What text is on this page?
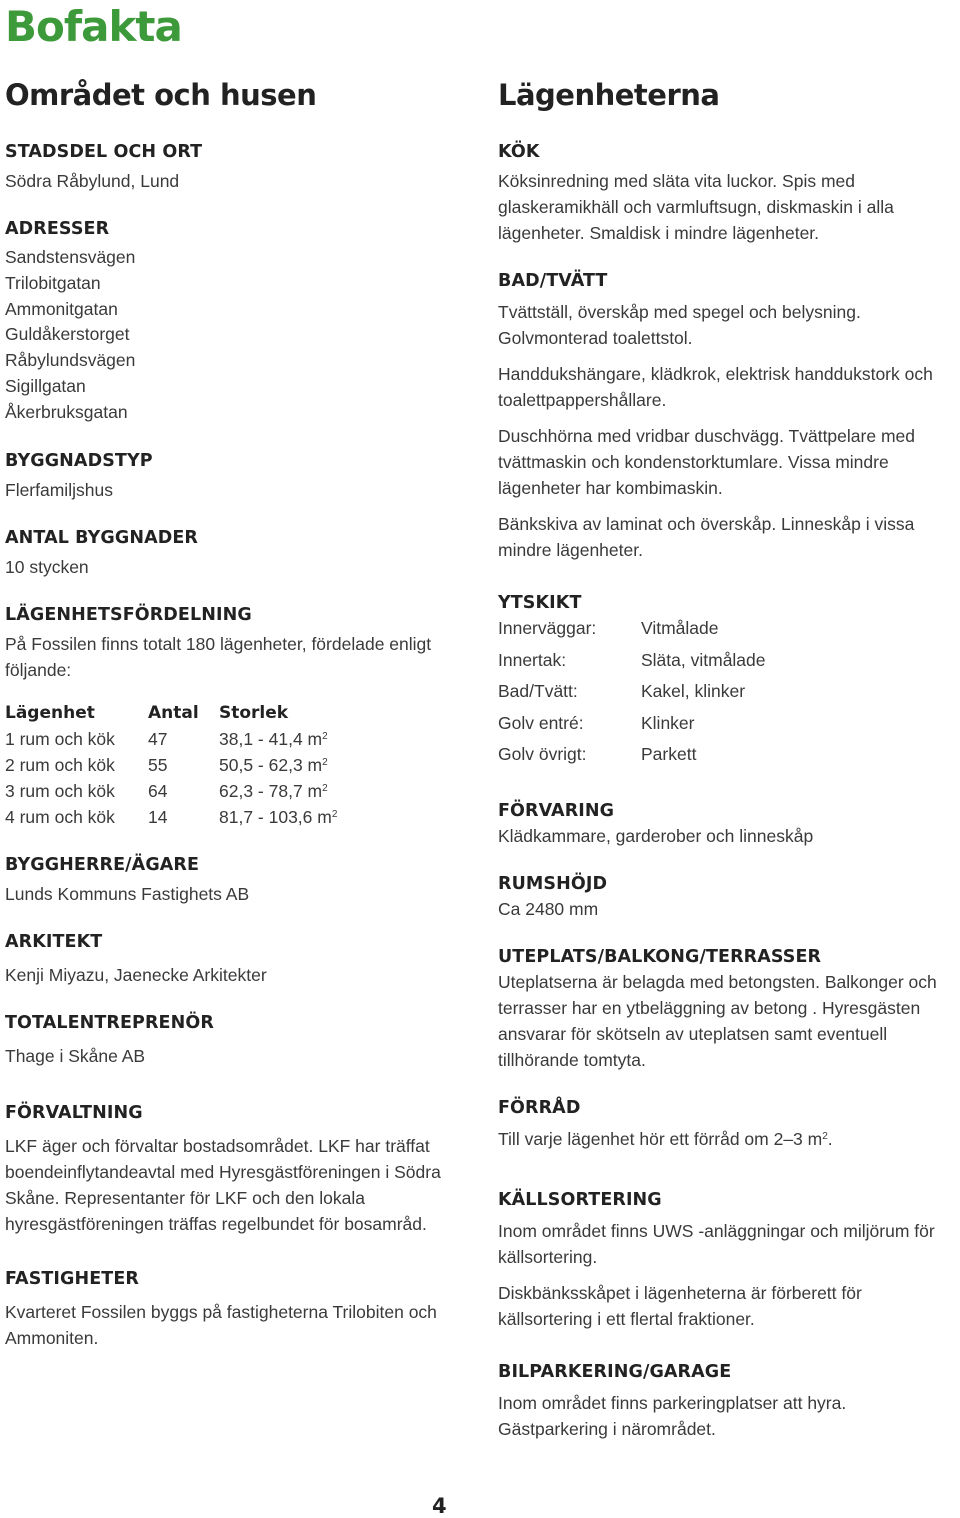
Bofakta
Området och husen
STADSDEL OCH ORT

Södra Råbylund, Lund

ADRESSER
Sandstensvägen
Trilobitgatan
Ammonitgatan
Guldåkerstorget
Råbylundsvägen
Sigillgatan
Åkerbruksgatan
BYGGNADSTYP

Flerfamiljshus

ANTAL BYGGNADER

10 stycken

LÄGENHETSFÖRDELNING

På Fossilen finns totalt 180 lägenheter, fördelade enligt följande:

Lägenhet	Antal	Storlek
1 rum och kök	47	38,1 - 41,4 $m^2$
2 rum och kök	55	50,5 - 62,3 $m^2$
3 rum och kök	64	62,3 - 78,7 $m^2$
4 rum och kök	14	81,7 - 103,6 $m^2$
BYGGHERRE/ÄGARE

Lunds Kommuns Fastighets AB

ARKITEKT

Kenji Miyazu, Jaenecke Arkitekter

TOTALENTREPRENÖR

Thage i Skåne AB

FÖRVALTNING

LKF äger och förvaltar bostadsområdet. LKF har träffat boendeinflytandeavtal med Hyresgästföreningen i Södra Skåne. Representanter för LKF och den lokala hyresgästföreningen träffas regelbundet för bosamråd.

FASTIGHETER

Kvarteret Fossilen byggs på fastigheterna Trilobiten och Ammoniten.

Lägenheterna
KÖK

Köksinredning med släta vita luckor. Spis med glaskeramikhäll och varmluftsugn, diskmaskin i alla lägenheter. Smaldisk i mindre lägenheter.

BAD/TVÄTT

Tvättställ, överskåp med spegel och belysning. Golvmonterad toalettstol.

Handdukshängare, klädkrok, elektrisk handdukstork och toalettpappershållare.

Duschhörna med vridbar duschvägg. Tvättpelare med tvättmaskin och kondenstorktumlare. Vissa mindre lägenheter har kombimaskin.

Bänkskiva av laminat och överskåp. Linneskåp i vissa mindre lägenheter.

YTSKIKT
Innerväggar:	Vitmålade
Innertak:	Släta, vitmålade
Bad/Tvätt:	Kakel, klinker
Golv entré:	Klinker
Golv övrigt:	Parkett
FÖRVARING

Klädkammare, garderober och linneskåp

RUMSHÖJD

Ca 2480 mm

UTEPLATS/BALKONG/TERRASSER

Uteplatserna är belagda med betongsten. Balkonger och terrasser har en ytbeläggning av betong . Hyresgästen ansvarar för skötseln av uteplatsen samt eventuell tillhörande tomtyta.

FÖRRÅD

Till varje lägenhet hör ett förråd om 2–3 $m^2$.

KÄLLSORTERING

Inom området finns UWS -anläggningar och miljörum för källsortering.

Diskbänksskåpet i lägenheterna är förberett för källsortering i ett flertal fraktioner.

BILPARKERING/GARAGE

Inom området finns parkeringplatser att hyra. Gästparkering i närområdet.

4
